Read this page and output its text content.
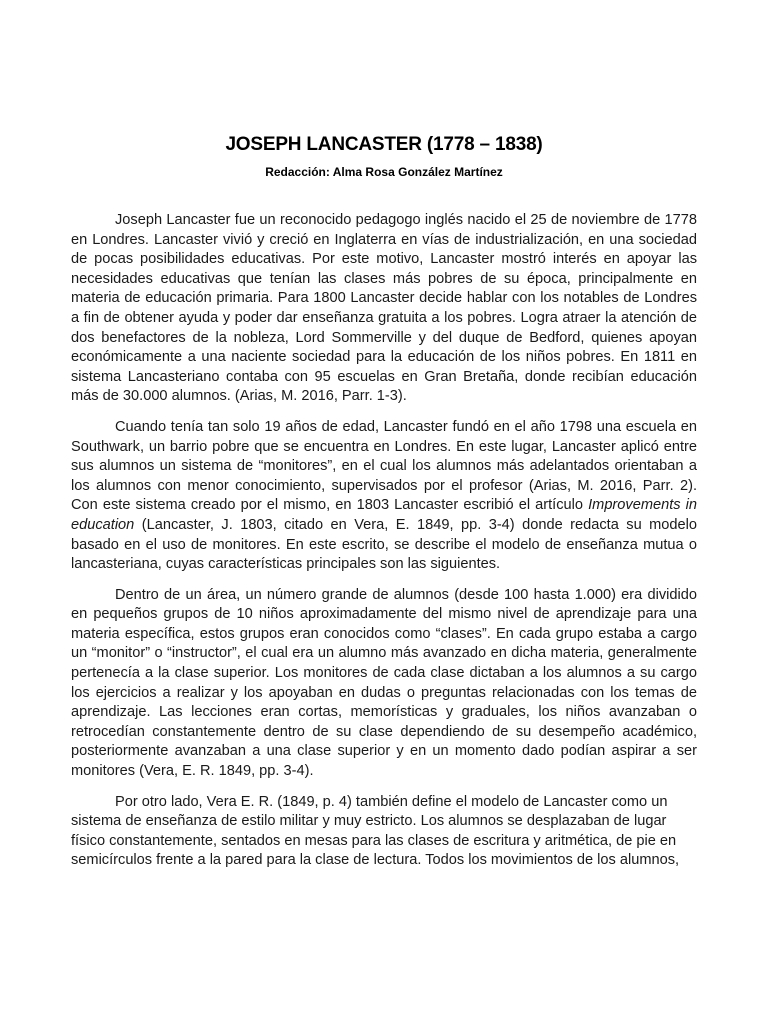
JOSEPH LANCASTER (1778 – 1838)
Redacción: Alma Rosa González Martínez

Joseph Lancaster fue un reconocido pedagogo inglés nacido el 25 de noviembre de 1778 en Londres. Lancaster vivió y creció en Inglaterra en vías de industrialización, en una sociedad de pocas posibilidades educativas. Por este motivo, Lancaster mostró interés en apoyar las necesidades educativas que tenían las clases más pobres de su época, principalmente en materia de educación primaria. Para 1800 Lancaster decide hablar con los notables de Londres a fin de obtener ayuda y poder dar enseñanza gratuita a los pobres. Logra atraer la atención de dos benefactores de la nobleza, Lord Sommerville y del duque de Bedford, quienes apoyan económicamente a una naciente sociedad para la educación de los niños pobres. En 1811 en sistema Lancasteriano contaba con 95 escuelas en Gran Bretaña, donde recibían educación más de 30.000 alumnos. (Arias, M. 2016, Parr. 1-3).

Cuando tenía tan solo 19 años de edad, Lancaster fundó en el año 1798 una escuela en Southwark, un barrio pobre que se encuentra en Londres. En este lugar, Lancaster aplicó entre sus alumnos un sistema de “monitores”, en el cual los alumnos más adelantados orientaban a los alumnos con menor conocimiento, supervisados por el profesor (Arias, M. 2016, Parr. 2). Con este sistema creado por el mismo, en 1803 Lancaster escribió el artículo Improvements in education (Lancaster, J. 1803, citado en Vera, E. 1849, pp. 3-4) donde redacta su modelo basado en el uso de monitores. En este escrito, se describe el modelo de enseñanza mutua o lancasteriana, cuyas características principales son las siguientes.

Dentro de un área, un número grande de alumnos (desde 100 hasta 1.000) era dividido en pequeños grupos de 10 niños aproximadamente del mismo nivel de aprendizaje para una materia específica, estos grupos eran conocidos como “clases”. En cada grupo estaba a cargo un “monitor” o “instructor”, el cual era un alumno más avanzado en dicha materia, generalmente pertenecía a la clase superior. Los monitores de cada clase dictaban a los alumnos a su cargo los ejercicios a realizar y los apoyaban en dudas o preguntas relacionadas con los temas de aprendizaje. Las lecciones eran cortas, memorísticas y graduales, los niños avanzaban o retrocedían constantemente dentro de su clase dependiendo de su desempeño académico, posteriormente avanzaban a una clase superior y en un momento dado podían aspirar a ser monitores (Vera, E. R. 1849, pp. 3-4).

Por otro lado, Vera E. R. (1849, p. 4) también define el modelo de Lancaster como un sistema de enseñanza de estilo militar y muy estricto. Los alumnos se desplazaban de lugar físico constantemente, sentados en mesas para las clases de escritura y aritmética, de pie en semicírculos frente a la pared para la clase de lectura. Todos los movimientos de los alumnos,
